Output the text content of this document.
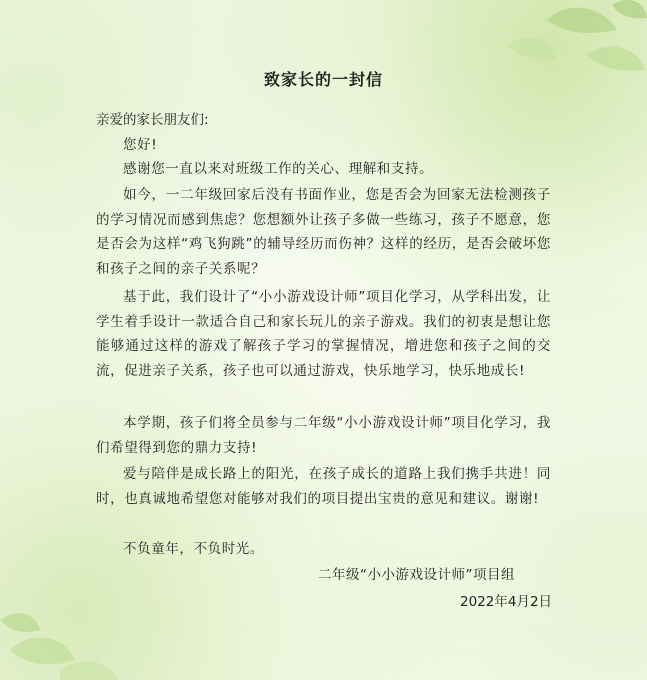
致家长的一封信
亲爱的家长朋友们:
您好!
感谢您一直以来对班级工作的关心、理解和支持。
如今，一二年级回家后没有书面作业，您是否会为回家无法检测孩子的学习情况而感到焦虑？您想额外让孩子多做一些练习，孩子不愿意，您是否会为这样“鸡飞狗跳”的辅导经历而伤神？这样的经历，是否会破坏您和孩子之间的亲子关系呢？
基于此，我们设计了“小小游戏设计师”项目化学习，从学科出发，让学生着手设计一款适合自己和家长玩儿的亲子游戏。我们的初衷是想让您能够通过这样的游戏了解孩子学习的掌握情况，增进您和孩子之间的交流，促进亲子关系，孩子也可以通过游戏，快乐地学习，快乐地成长!
本学期，孩子们将全员参与二年级“小小游戏设计师”项目化学习，我们希望得到您的鼎力支持!
爱与陪伴是成长路上的阳光，在孩子成长的道路上我们携手共进！同时，也真诚地希望您对能够对我们的项目提出宝贵的意见和建议。谢谢!
不负童年，不负时光。
二年级“小小游戏设计师”项目组
2022年4月2日
